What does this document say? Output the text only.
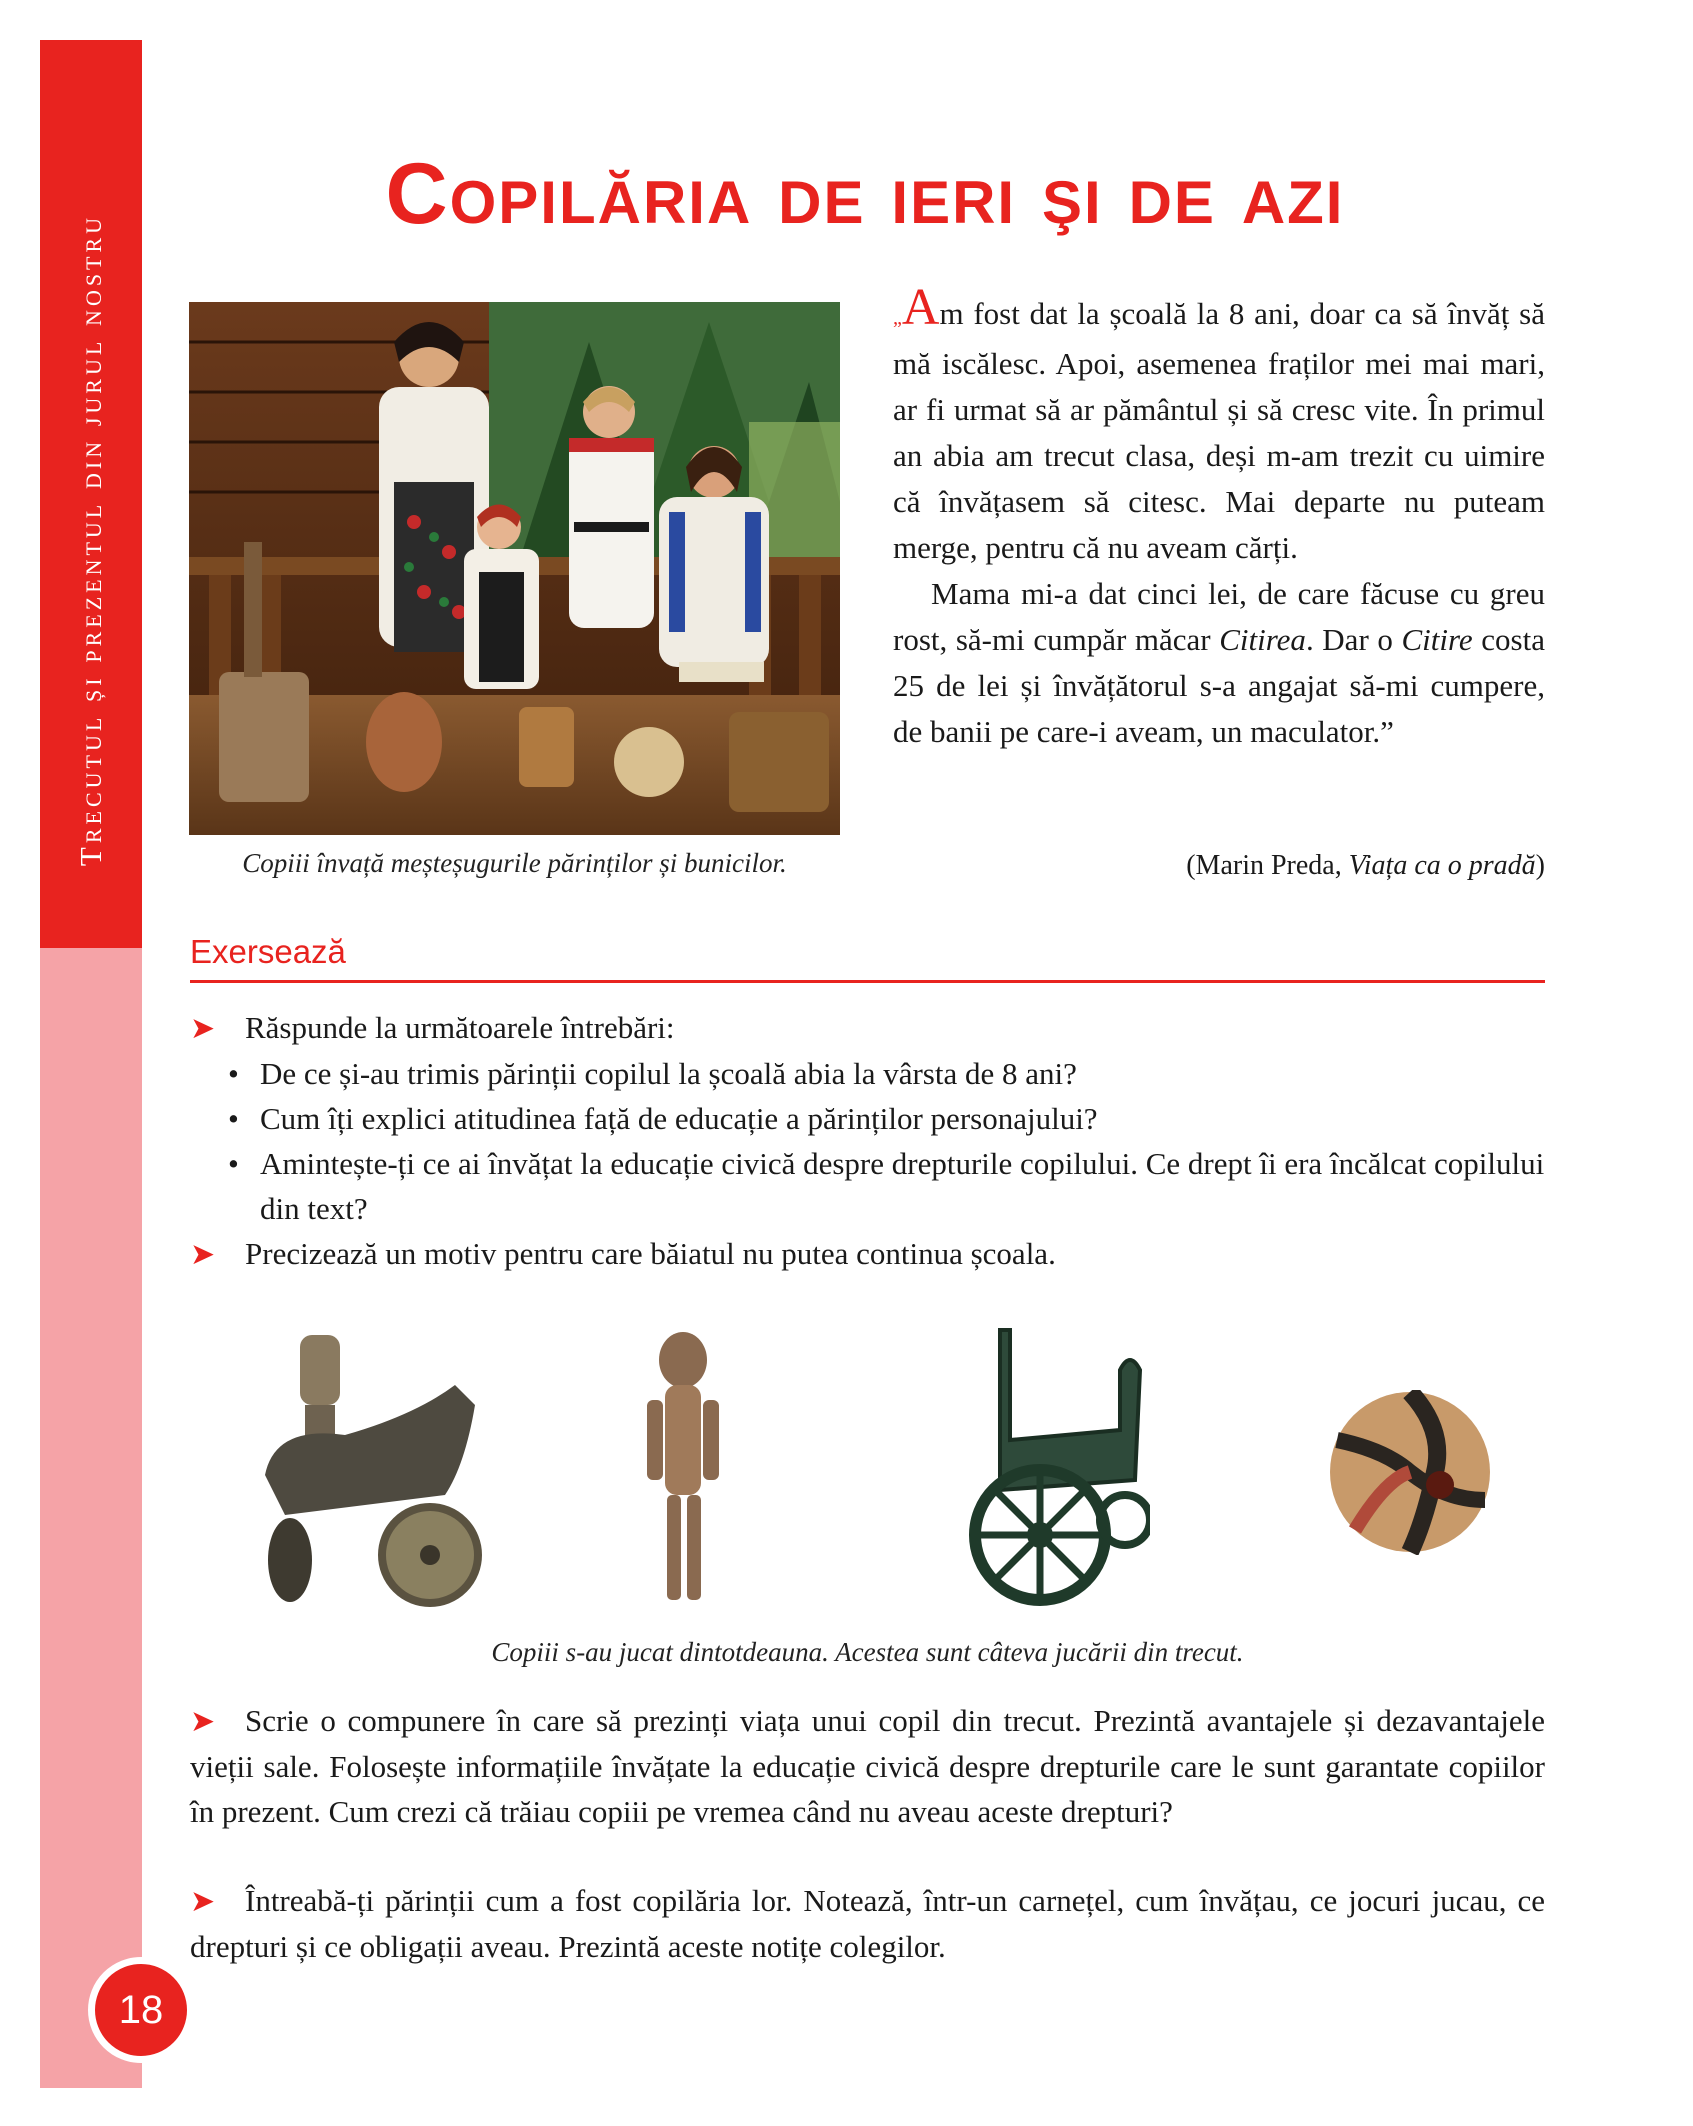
Trecutul și prezentul din jurul nostru
18
Copilăria de ieri şi de azi
Copiii învață meșteșugurile părinților și bunicilor.

„Am fost dat la școală la 8 ani, doar ca să învăț să mă iscălesc. Apoi, asemenea fraților mei mai mari, ar fi urmat să ar pământul și să cresc vite. În primul an abia am trecut clasa, deși m-am trezit cu uimire că învățasem să citesc. Mai departe nu puteam merge, pentru că nu aveam cărți.

Mama mi-a dat cinci lei, de care făcuse cu greu rost, să-mi cumpăr măcar Citirea. Dar o Citire costa 25 de lei și învățătorul s-a angajat să-mi cumpere, de banii pe care-i aveam, un maculator.”

(Marin Preda, Viața ca o pradă)
Exersează
➤ Răspunde la următoarele întrebări:
• De ce și-au trimis părinții copilul la școală abia la vârsta de 8 ani?
• Cum îți explici atitudinea față de educație a părinților personajului?
• Amintește-ți ce ai învățat la educație civică despre drepturile copilului. Ce drept îi era încălcat copilului din text?
➤ Precizează un motiv pentru care băiatul nu putea continua școala.
Copiii s-au jucat dintotdeauna. Acestea sunt câteva jucării din trecut.
➤ Scrie o compunere în care să prezinți viața unui copil din trecut. Prezintă avantajele și dezavantajele vieții sale. Folosește informațiile învățate la educație civică despre drepturile care le sunt garantate copiilor în prezent. Cum crezi că trăiau copiii pe vremea când nu aveau aceste drepturi?
➤ Întreabă-ți părinții cum a fost copilăria lor. Notează, într-un carnețel, cum învățau, ce jocuri jucau, ce drepturi și ce obligații aveau. Prezintă aceste notițe colegilor.
